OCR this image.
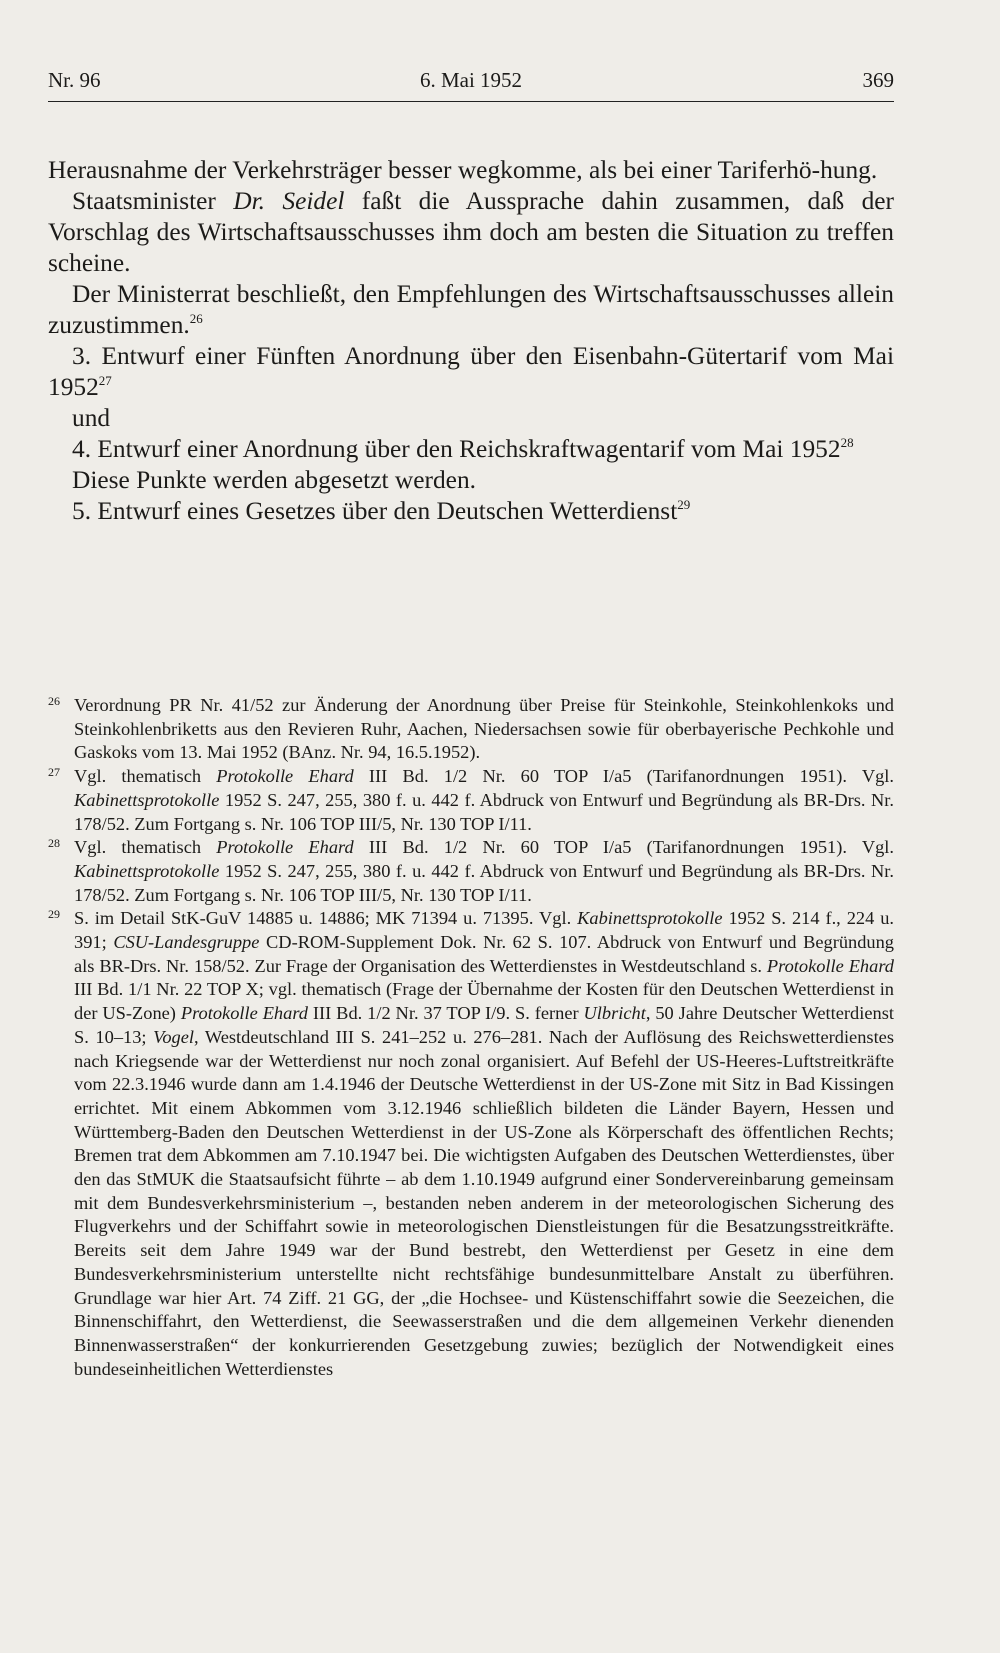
Nr. 96	6. Mai 1952	369

Herausnahme der Verkehrsträger besser wegkomme, als bei einer Tariferhö-hung.

Staatsminister Dr. Seidel faßt die Aussprache dahin zusammen, daß der Vorschlag des Wirtschaftsausschusses ihm doch am besten die Situation zu treffen scheine.

Der Ministerrat beschließt, den Empfehlungen des Wirtschaftsausschusses allein zuzustimmen.$^{26}$

3. Entwurf einer Fünften Anordnung über den Eisenbahn-Gütertarif vom Mai 1952$^{27}$

und

4. Entwurf einer Anordnung über den Reichskraftwagentarif vom Mai 1952$^{28}$

Diese Punkte werden abgesetzt werden.

5. Entwurf eines Gesetzes über den Deutschen Wetterdienst$^{29}$

26 Verordnung PR Nr. 41/52 zur Änderung der Anordnung über Preise für Steinkohle, Steinkohlenkoks und Steinkohlenbriketts aus den Revieren Ruhr, Aachen, Niedersachsen sowie für oberbayerische Pechkohle und Gaskoks vom 13. Mai 1952 (BAnz. Nr. 94, 16.5.1952).
27 Vgl. thematisch Protokolle Ehard III Bd. 1/2 Nr. 60 TOP I/a5 (Tarifanordnungen 1951). Vgl. Kabinettsprotokolle 1952 S. 247, 255, 380 f. u. 442 f. Abdruck von Entwurf und Begründung als BR-Drs. Nr. 178/52. Zum Fortgang s. Nr. 106 TOP III/5, Nr. 130 TOP I/11.
28 Vgl. thematisch Protokolle Ehard III Bd. 1/2 Nr. 60 TOP I/a5 (Tarifanordnungen 1951). Vgl. Kabinettsprotokolle 1952 S. 247, 255, 380 f. u. 442 f. Abdruck von Entwurf und Begründung als BR-Drs. Nr. 178/52. Zum Fortgang s. Nr. 106 TOP III/5, Nr. 130 TOP I/11.
29 S. im Detail StK-GuV 14885 u. 14886; MK 71394 u. 71395. Vgl. Kabinettsprotokolle 1952 S. 214 f., 224 u. 391; CSU-Landesgruppe CD-ROM-Supplement Dok. Nr. 62 S. 107. Abdruck von Entwurf und Begründung als BR-Drs. Nr. 158/52. Zur Frage der Organisation des Wetterdienstes in Westdeutschland s. Protokolle Ehard III Bd. 1/1 Nr. 22 TOP X; vgl. thematisch (Frage der Übernahme der Kosten für den Deutschen Wetterdienst in der US-Zone) Protokolle Ehard III Bd. 1/2 Nr. 37 TOP I/9. S. ferner Ulbricht, 50 Jahre Deutscher Wetterdienst S. 10–13; Vogel, Westdeutschland III S. 241–252 u. 276–281. Nach der Auflösung des Reichswetterdienstes nach Kriegsende war der Wetterdienst nur noch zonal organisiert. Auf Befehl der US-Heeres-Luftstreitkräfte vom 22.3.1946 wurde dann am 1.4.1946 der Deutsche Wetterdienst in der US-Zone mit Sitz in Bad Kissingen errichtet. Mit einem Abkommen vom 3.12.1946 schließlich bildeten die Länder Bayern, Hessen und Württemberg-Baden den Deutschen Wetterdienst in der US-Zone als Körperschaft des öffentlichen Rechts; Bremen trat dem Abkommen am 7.10.1947 bei. Die wichtigsten Aufgaben des Deutschen Wetterdienstes, über den das StMUK die Staatsaufsicht führte – ab dem 1.10.1949 aufgrund einer Sondervereinbarung gemeinsam mit dem Bundesverkehrsministerium –, bestanden neben anderem in der meteorologischen Sicherung des Flugverkehrs und der Schiffahrt sowie in meteorologischen Dienstleistungen für die Besatzungsstreitkräfte. Bereits seit dem Jahre 1949 war der Bund bestrebt, den Wetterdienst per Gesetz in eine dem Bundesverkehrsministerium unterstellte nicht rechtsfähige bundesunmittelbare Anstalt zu überführen. Grundlage war hier Art. 74 Ziff. 21 GG, der „die Hochsee- und Küstenschiffahrt sowie die Seezeichen, die Binnenschiffahrt, den Wetterdienst, die Seewasserstraßen und die dem allgemeinen Verkehr dienenden Binnenwasserstraßen“ der konkurrierenden Gesetzgebung zuwies; bezüglich der Notwendigkeit eines bundeseinheitlichen Wetterdienstes
